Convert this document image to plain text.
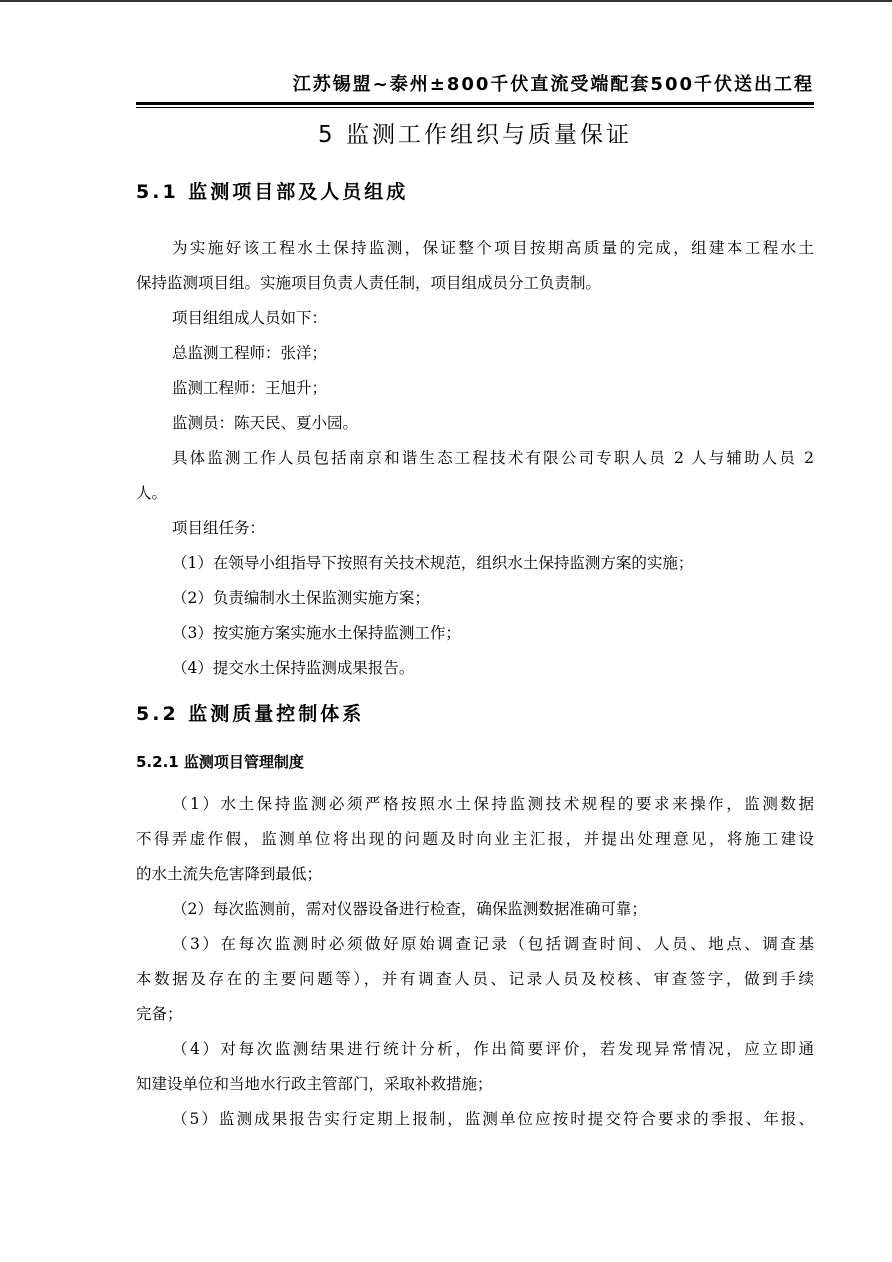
江苏锡盟~泰州±800千伏直流受端配套500千伏送出工程
5 监测工作组织与质量保证
5.1 监测项目部及人员组成
为实施好该工程水土保持监测，保证整个项目按期高质量的完成，组建本工程水土
保持监测项目组。实施项目负责人责任制，项目组成员分工负责制。
项目组组成人员如下：
总监测工程师：张洋；
监测工程师：王旭升；
监测员：陈天民、夏小园。
具体监测工作人员包括南京和谐生态工程技术有限公司专职人员 2 人与辅助人员 2
人。
项目组任务：
（1）在领导小组指导下按照有关技术规范，组织水土保持监测方案的实施；
（2）负责编制水土保监测实施方案；
（3）按实施方案实施水土保持监测工作；
（4）提交水土保持监测成果报告。
5.2 监测质量控制体系
5.2.1 监测项目管理制度
（1）水土保持监测必须严格按照水土保持监测技术规程的要求来操作，监测数据
不得弄虚作假，监测单位将出现的问题及时向业主汇报，并提出处理意见，将施工建设
的水土流失危害降到最低；
（2）每次监测前，需对仪器设备进行检查，确保监测数据准确可靠；
（3）在每次监测时必须做好原始调查记录（包括调查时间、人员、地点、调查基
本数据及存在的主要问题等），并有调查人员、记录人员及校核、审查签字，做到手续
完备；
（4）对每次监测结果进行统计分析，作出简要评价，若发现异常情况，应立即通
知建设单位和当地水行政主管部门，采取补救措施；
（5）监测成果报告实行定期上报制，监测单位应按时提交符合要求的季报、年报、
